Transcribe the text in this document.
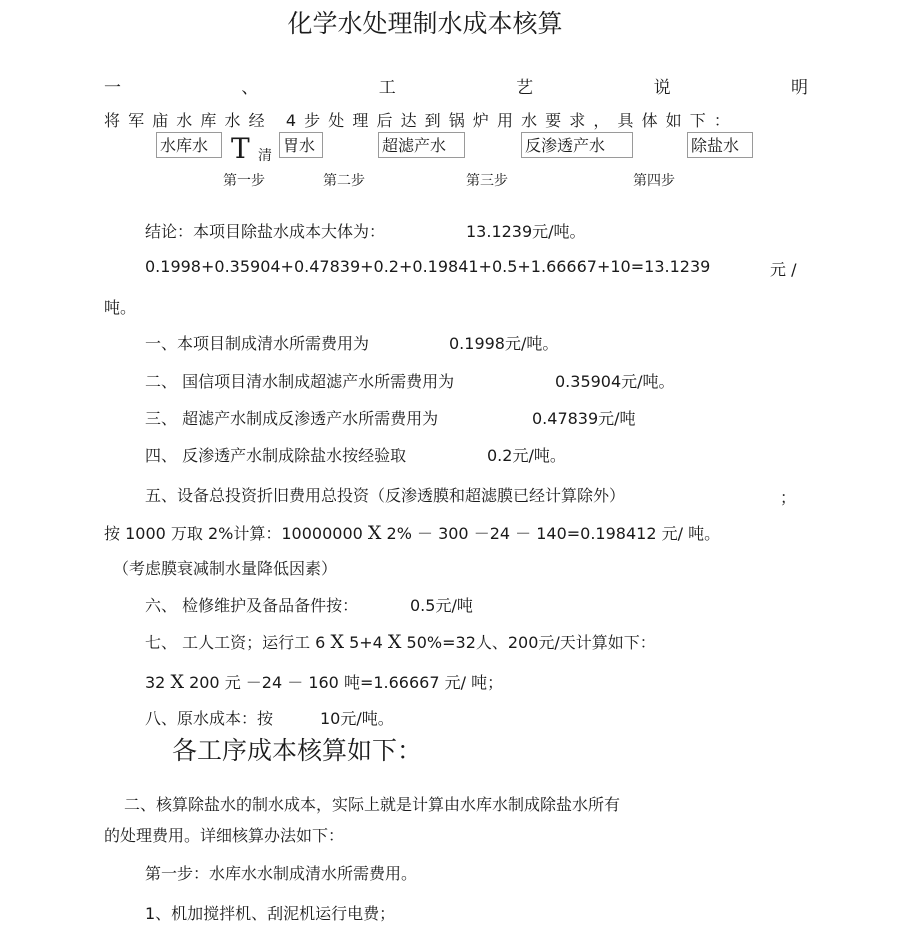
化学水处理制水成本核算
一	、	工	艺	说	明
将军庙水库水经 4步处理后达到锅炉用水要求，具体如下：
水库水 T 清
胃水	超滤产水	反渗透产水	除盐水
第一步	第二步	第三步	第四步
结论：本项目除盐水成本大体为：	13.1239元/吨。
0.1998+0.35904+0.47839+0.2+0.19841+0.5+1.66667+10=13.1239	元 /
吨。
一、本项目制成清水所需费用为	0.1998元/吨。
二、 国信项目清水制成超滤产水所需费用为	0.35904元/吨。
三、 超滤产水制成反渗透产水所需费用为	0.47839元/吨
四、 反渗透产水制成除盐水按经验取	0.2元/吨。
五、设备总投资折旧费用总投资（反渗透膜和超滤膜已经计算除外）	；
按 1000 万取 2%计算：10000000 X 2% － 300 －24 － 140=0.198412 元/ 吨。
（考虑膜衰减制水量降低因素）
六、 检修维护及备品备件按：	0.5元/吨
七、 工人工资；运行工 6 X 5+4 X 50%=32人、200元/天计算如下：
32 X 200 元 －24 － 160 吨=1.66667 元/ 吨；
八、原水成本：按	10元/吨。
各工序成本核算如下：
二、核算除盐水的制水成本，实际上就是计算由水库水制成除盐水所有
的处理费用。详细核算办法如下：
第一步：水库水水制成清水所需费用。
1、机加搅拌机、刮泥机运行电费；
